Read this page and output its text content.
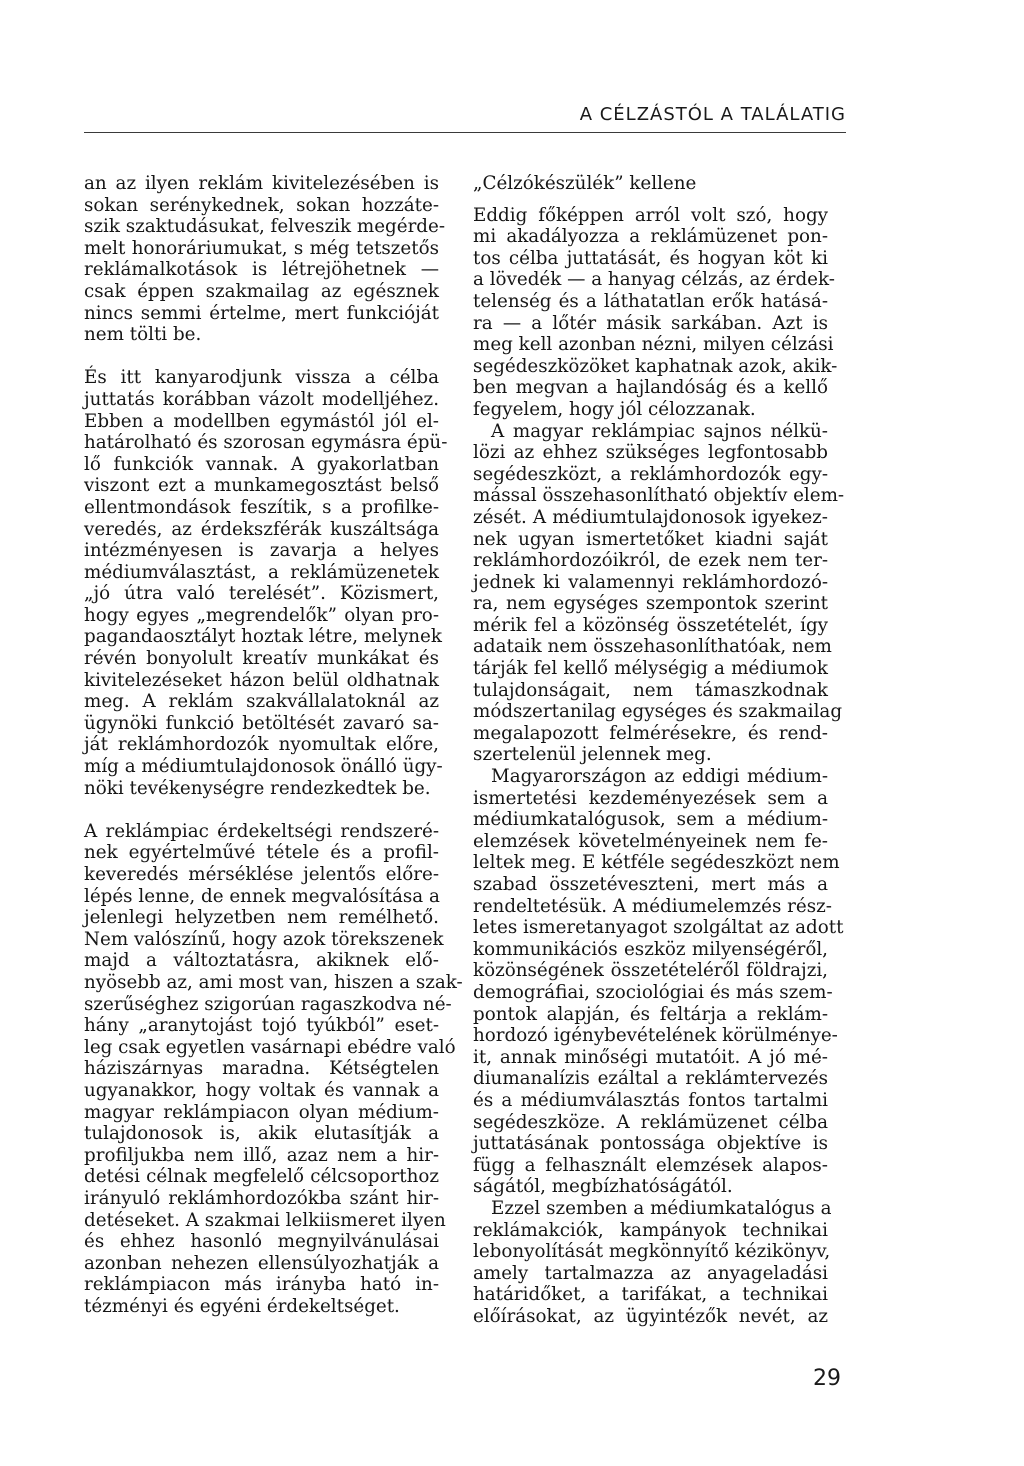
A CÉLZÁSTÓL A TALÁLATIG
an az ilyen reklám kivitelezésében is
sokan serénykednek, sokan hozzáte-
szik szaktudásukat, felveszik megérde-
melt honoráriumukat, s még tetszetős
reklámalkotások is létrejöhetnek —
csak éppen szakmailag az egésznek
nincs semmi értelme, mert funkcióját
nem tölti be.
És itt kanyarodjunk vissza a célba
juttatás korábban vázolt modelljéhez.
Ebben a modellben egymástól jól el-
határolható és szorosan egymásra épü-
lő funkciók vannak. A gyakorlatban
viszont ezt a munkamegosztást belső
ellentmondások feszítik, s a profilke-
veredés, az érdekszférák kuszáltsága
intézményesen is zavarja a helyes
médiumválasztást, a reklámüzenetek
„jó útra való terelését”. Közismert,
hogy egyes „megrendelők” olyan pro-
pagandaosztályt hoztak létre, melynek
révén bonyolult kreatív munkákat és
kivitelezéseket házon belül oldhatnak
meg. A reklám szakvállalatoknál az
ügynöki funkció betöltését zavaró sa-
ját reklámhordozók nyomultak előre,
míg a médiumtulajdonosok önálló ügy-
nöki tevékenységre rendezkedtek be.
A reklámpiac érdekeltségi rendszeré-
nek egyértelművé tétele és a profil-
keveredés mérséklése jelentős előre-
lépés lenne, de ennek megvalósítása a
jelenlegi helyzetben nem remélhető.
Nem valószínű, hogy azok törekszenek
majd a változtatásra, akiknek elő-
nyösebb az, ami most van, hiszen a szak-
szerűséghez szigorúan ragaszkodva né-
hány „aranytojást tojó tyúkból” eset-
leg csak egyetlen vasárnapi ebédre való
háziszárnyas maradna. Kétségtelen
ugyanakkor, hogy voltak és vannak a
magyar reklámpiacon olyan médium-
tulajdonosok is, akik elutasítják a
profiljukba nem illő, azaz nem a hir-
detési célnak megfelelő célcsoporthoz
irányuló reklámhordozókba szánt hir-
detéseket. A szakmai lelkiismeret ilyen
és ehhez hasonló megnyilvánulásai
azonban nehezen ellensúlyozhatják a
reklámpiacon más irányba ható in-
tézményi és egyéni érdekeltséget.
„Célzókészülék” kellene
Eddig főképpen arról volt szó, hogy
mi akadályozza a reklámüzenet pon-
tos célba juttatását, és hogyan köt ki
a lövedék — a hanyag célzás, az érdek-
telenség és a láthatatlan erők hatásá-
ra — a lőtér másik sarkában. Azt is
meg kell azonban nézni, milyen célzási
segédeszközöket kaphatnak azok, akik-
ben megvan a hajlandóság és a kellő
fegyelem, hogy jól célozzanak.
A magyar reklámpiac sajnos nélkü-
lözi az ehhez szükséges legfontosabb
segédeszközt, a reklámhordozók egy-
mással összehasonlítható objektív elem-
zését. A médiumtulajdonosok igyekez-
nek ugyan ismertetőket kiadni saját
reklámhordozóikról, de ezek nem ter-
jednek ki valamennyi reklámhordozó-
ra, nem egységes szempontok szerint
mérik fel a közönség összetételét, így
adataik nem összehasonlíthatóak, nem
tárják fel kellő mélységig a médiumok
tulajdonságait, nem támaszkodnak
módszertanilag egységes és szakmailag
megalapozott felmérésekre, és rend-
szertelenül jelennek meg.
Magyarországon az eddigi médium-
ismertetési kezdeményezések sem a
médiumkatalógusok, sem a médium-
elemzések követelményeinek nem fe-
leltek meg. E kétféle segédeszközt nem
szabad összetéveszteni, mert más a
rendeltetésük. A médiumelemzés rész-
letes ismeretanyagot szolgáltat az adott
kommunikációs eszköz milyenségéről,
közönségének összetételéről földrajzi,
demográfiai, szociológiai és más szem-
pontok alapján, és feltárja a reklám-
hordozó igénybevételének körülménye-
it, annak minőségi mutatóit. A jó mé-
diumanalízis ezáltal a reklámtervezés
és a médiumválasztás fontos tartalmi
segédeszköze. A reklámüzenet célba
juttatásának pontossága objektíve is
függ a felhasznált elemzések alapos-
ságától, megbízhatóságától.
Ezzel szemben a médiumkatalógus a
reklámakciók, kampányok technikai
lebonyolítását megkönnyítő kézikönyv,
amely tartalmazza az anyageladási
határidőket, a tarifákat, a technikai
előírásokat, az ügyintézők nevét, az
29
